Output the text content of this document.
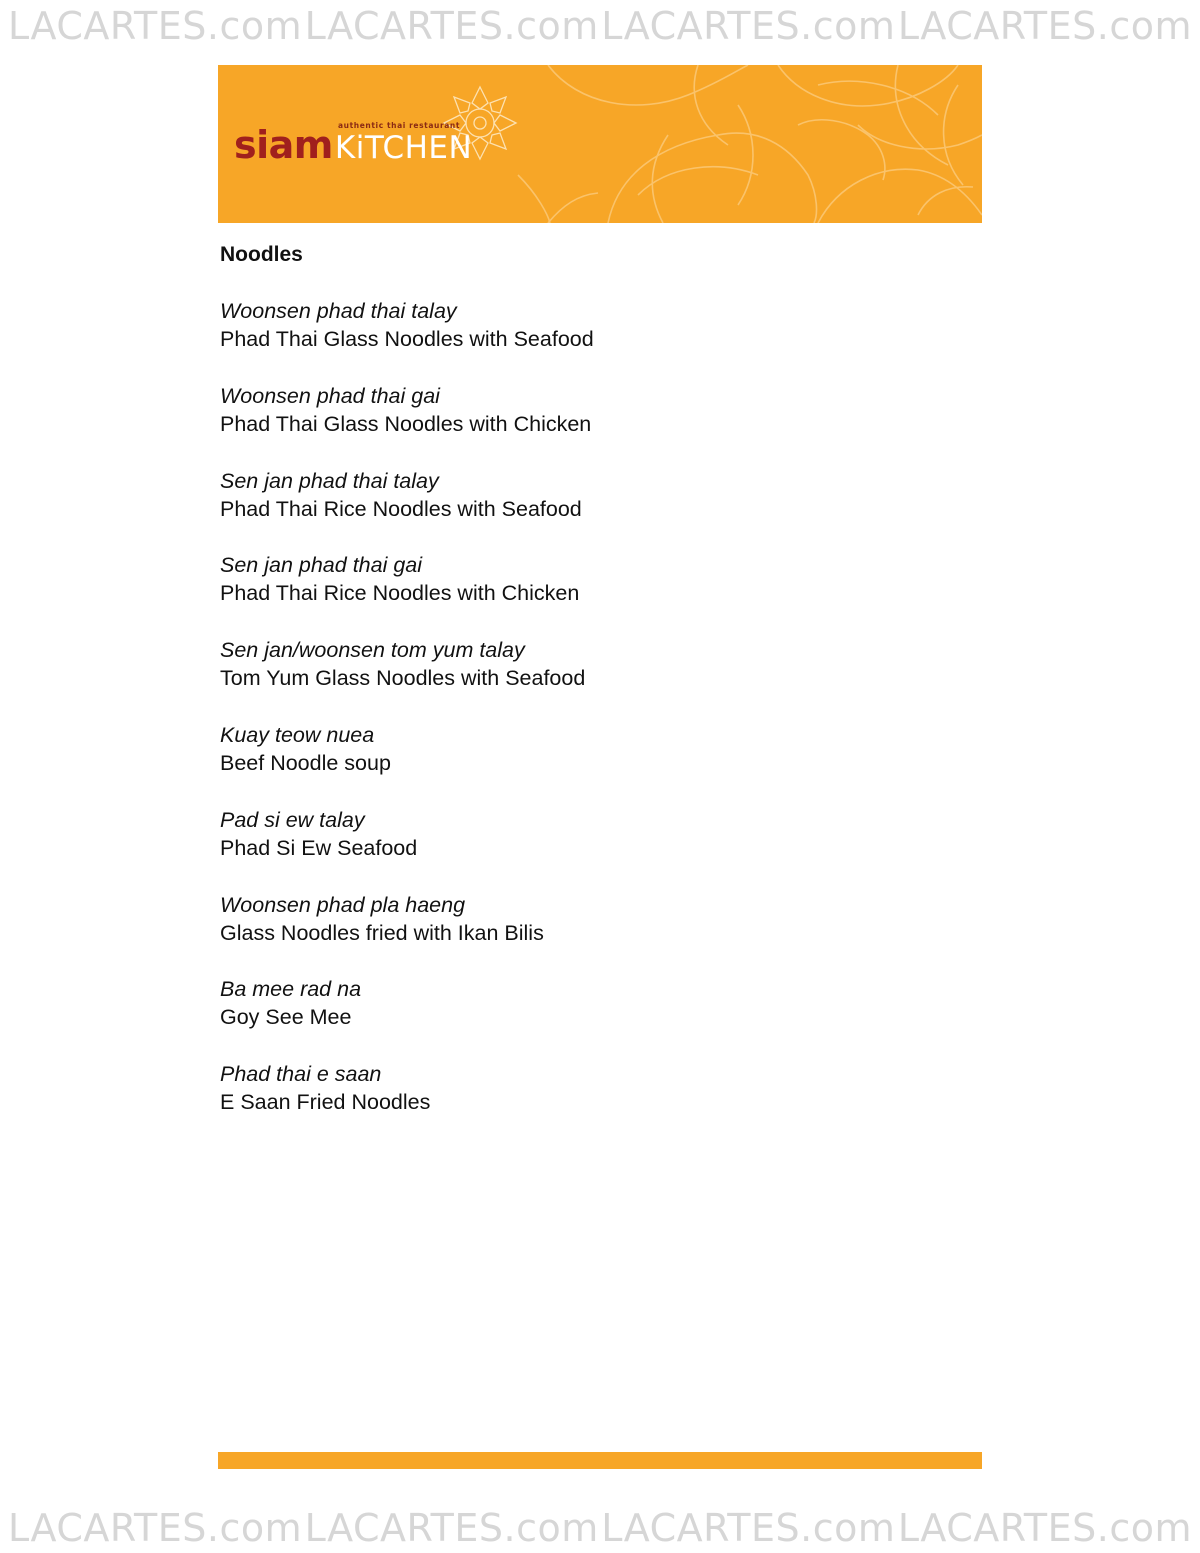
LACARTES.com LACARTES.com LACARTES.com LACARTES.com
authentic thai restaurant
siam KiTCHEN
Noodles
Woonsen phad thai talay
Phad Thai Glass Noodles with Seafood
Woonsen phad thai gai
Phad Thai Glass Noodles with Chicken
Sen jan phad thai talay
Phad Thai Rice Noodles with Seafood
Sen jan phad thai gai
Phad Thai Rice Noodles with Chicken
Sen jan/woonsen tom yum talay
Tom Yum Glass Noodles with Seafood
Kuay teow nuea
Beef Noodle soup
Pad si ew talay
Phad Si Ew Seafood
Woonsen phad pla haeng
Glass Noodles fried with Ikan Bilis
Ba mee rad na
Goy See Mee
Phad thai e saan
E Saan Fried Noodles
LACARTES.com LACARTES.com LACARTES.com LACARTES.com
